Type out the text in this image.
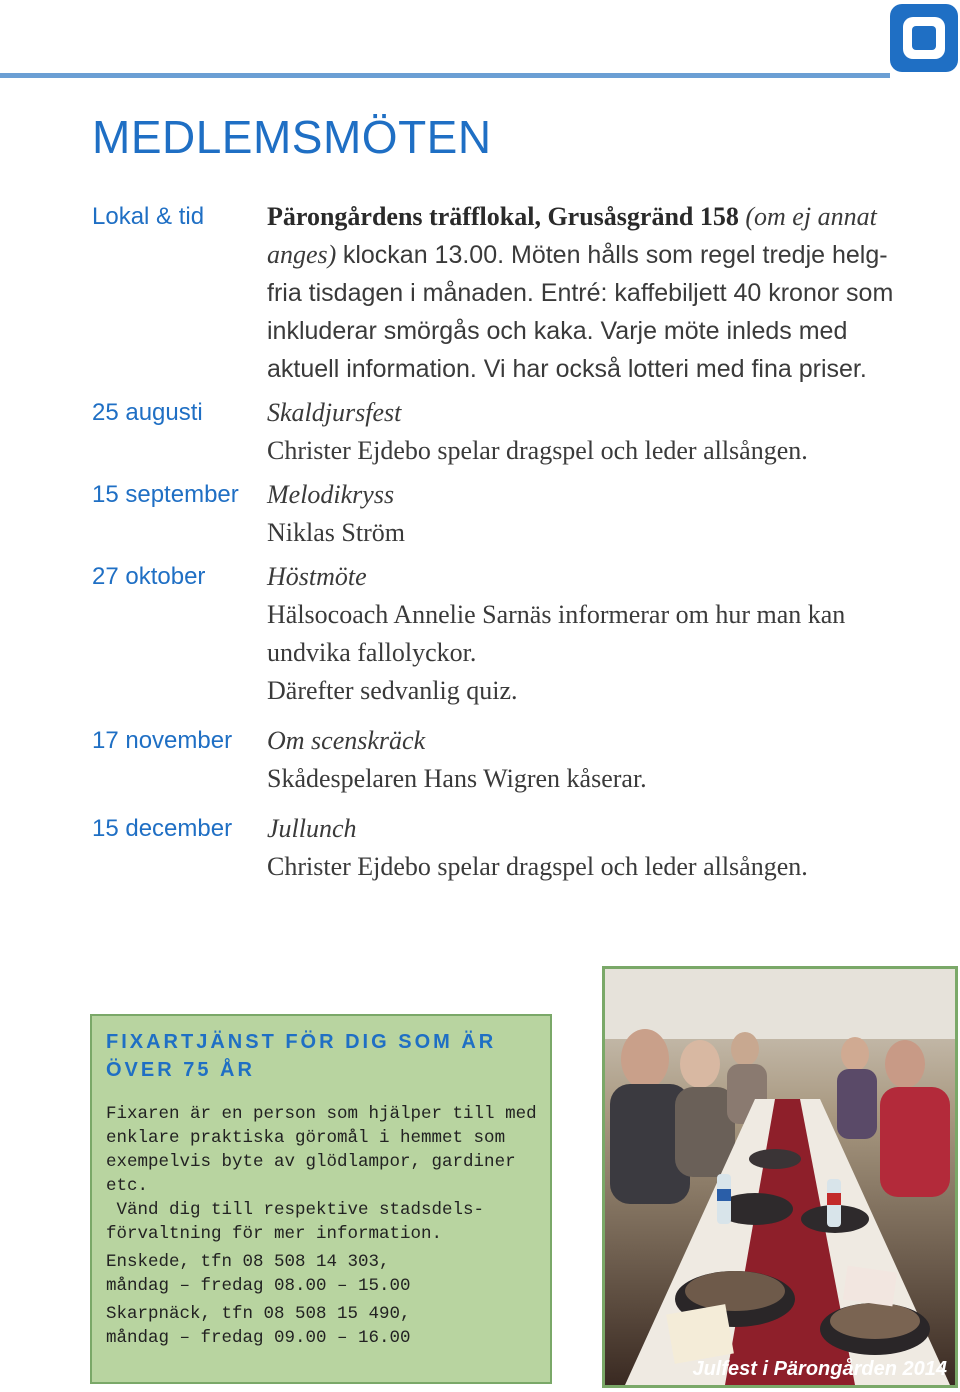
MEDLEMSMÖTEN
Lokal & tid Pärongårdens träfflokal, Grusåsgränd 158 (om ej annat
anges) klockan 13.00. Möten hålls som regel tredje helg-
fria tisdagen i månaden. Entré: kaffebiljett 40 kronor som
inkluderar smörgås och kaka. Varje möte inleds med
aktuell information. Vi har också lotteri med fina priser.
25 augusti Skaldjursfest
Christer Ejdebo spelar dragspel och leder allsången.
15 september Melodikryss
Niklas Ström
27 oktober Höstmöte
Hälsocoach Annelie Sarnäs informerar om hur man kan
undvika fallolyckor.
Därefter sedvanlig quiz.
17 november Om scenskräck
Skådespelaren Hans Wigren kåserar.
15 december Jullunch
Christer Ejdebo spelar dragspel och leder allsången.
FIXARTJÄNST FÖR DIG SOM ÄR
ÖVER 75 ÅR
Fixaren är en person som hjälper till med
enklare praktiska göromål i hemmet som
exempelvis byte av glödlampor, gardiner
etc.
Vänd dig till respektive stadsdels-
förvaltning för mer information.
Enskede, tfn 08 508 14 303,
måndag – fredag 08.00 – 15.00
Skarpnäck, tfn 08 508 15 490,
måndag – fredag 09.00 – 16.00
Julfest i Pärongården 2014
